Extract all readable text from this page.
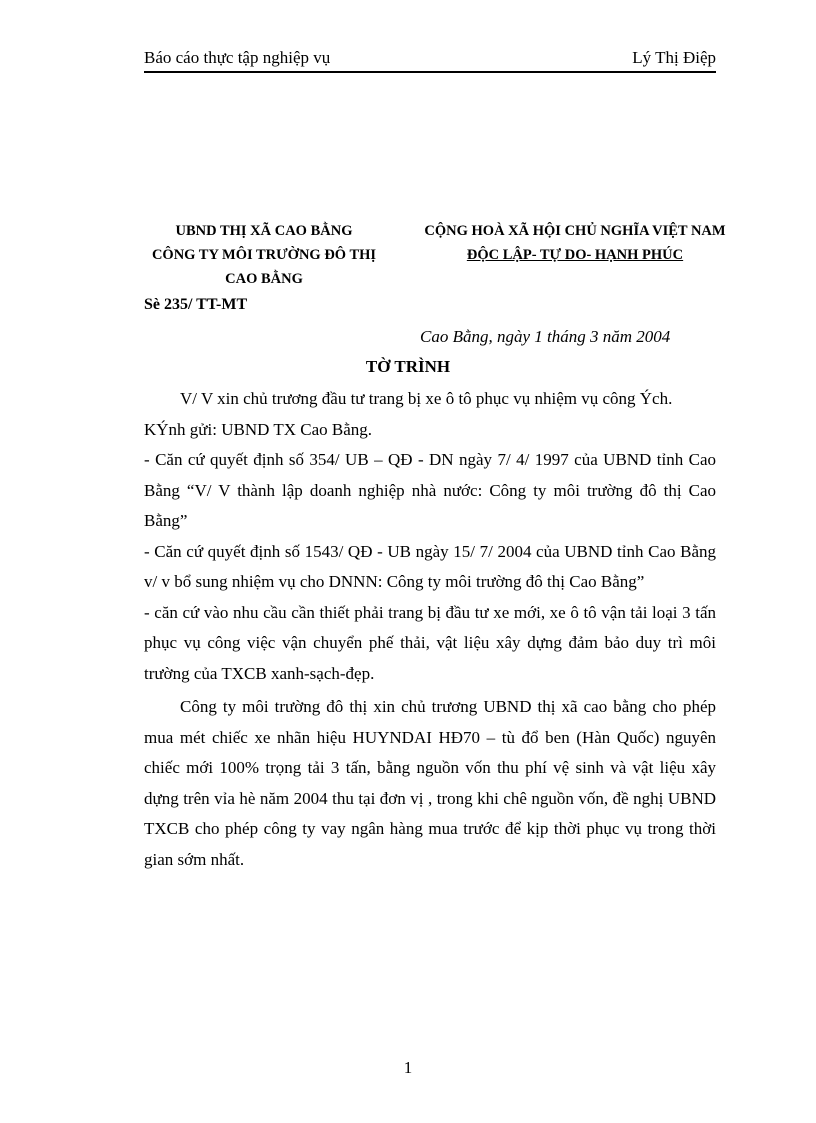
Báo cáo thực tập nghiệp vụ	Lý Thị Điệp
UBND THỊ XÃ CAO BẰNG
CÔNG TY MÔI TRƯỜNG ĐÔ THỊ
CAO BẰNG
CỘNG HOÀ XÃ HỘI CHỦ NGHĨA VIỆT NAM
ĐỘC LẬP- TỰ DO- HẠNH PHÚC
Sè 235/ TT-MT
Cao Bằng, ngày 1 tháng 3 năm 2004
TỜ TRÌNH

V/ V xin chủ trương đầu tư trang bị xe ô tô phục vụ nhiệm vụ công Ých.

KÝnh gửi: UBND TX Cao Bằng.

- Căn cứ quyết định số 354/ UB – QĐ - DN ngày 7/ 4/ 1997 của UBND tỉnh Cao Bằng “V/ V thành lập doanh nghiệp nhà nước: Công ty môi trường đô thị Cao Bằng”

- Căn cứ quyết định số 1543/ QĐ - UB ngày 15/ 7/ 2004 của UBND tỉnh Cao Bằng v/ v bổ sung nhiệm vụ cho DNNN: Công ty môi trường đô thị Cao Bằng”

- căn cứ vào nhu cầu cần thiết phải trang bị đầu tư xe mới, xe ô tô vận tải loại 3 tấn phục vụ công việc vận chuyển phế thải, vật liệu xây dựng đảm bảo duy trì môi trường của TXCB xanh-sạch-đẹp.

Công ty môi trường đô thị xin chủ trương UBND thị xã cao bằng cho phép mua mét chiếc xe nhãn hiệu HUYNDAI HĐ70 – tù đổ ben (Hàn Quốc) nguyên chiếc mới 100% trọng tải 3 tấn, bằng nguồn vốn thu phí vệ sinh và vật liệu xây dựng trên vỉa hè năm 2004 thu tại đơn vị , trong khi chê nguồn vốn, đề nghị UBND TXCB cho phép công ty vay ngân hàng mua trước để kịp thời phục vụ trong thời gian sớm nhất.

1
